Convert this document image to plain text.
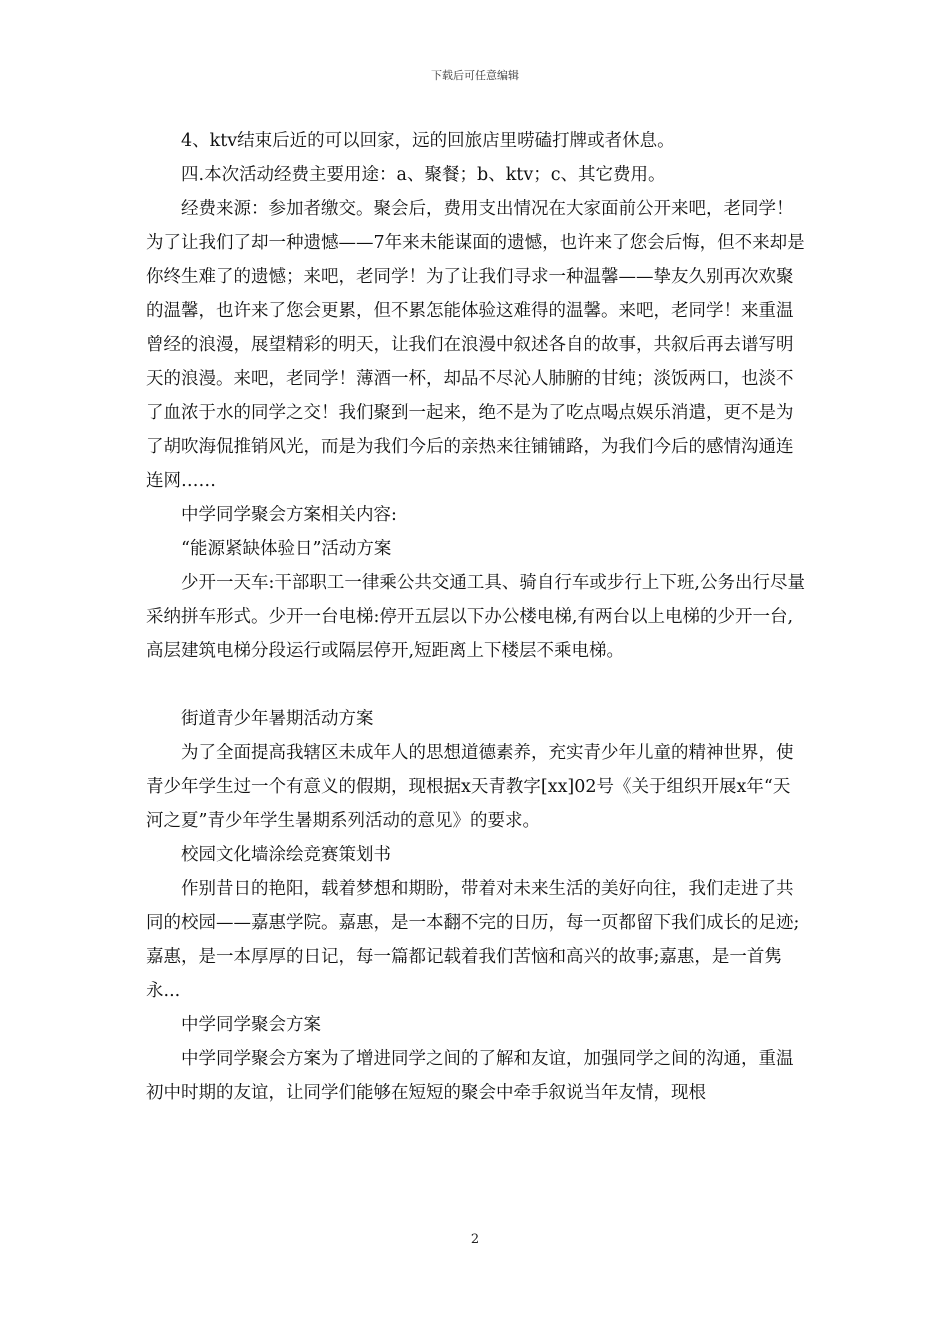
下载后可任意编辑

4、ktv结束后近的可以回家，远的回旅店里唠磕打牌或者休息。

四.本次活动经费主要用途：a、聚餐；b、ktv；c、其它费用。

经费来源：参加者缴交。聚会后，费用支出情况在大家面前公开来吧，老同学！为了让我们了却一种遗憾——7年来未能谋面的遗憾，也许来了您会后悔，但不来却是你终生难了的遗憾；来吧，老同学！为了让我们寻求一种温馨——挚友久别再次欢聚的温馨，也许来了您会更累，但不累怎能体验这难得的温馨。来吧，老同学！来重温曾经的浪漫，展望精彩的明天，让我们在浪漫中叙述各自的故事，共叙后再去谱写明天的浪漫。来吧，老同学！薄酒一杯，却品不尽沁人肺腑的甘纯；淡饭两口，也淡不了血浓于水的同学之交！我们聚到一起来，绝不是为了吃点喝点娱乐消遣，更不是为了胡吹海侃推销风光，而是为我们今后的亲热来往铺铺路，为我们今后的感情沟通连连网……

中学同学聚会方案相关内容:

“能源紧缺体验日”活动方案

少开一天车:干部职工一律乘公共交通工具、骑自行车或步行上下班,公务出行尽量采纳拼车形式。少开一台电梯:停开五层以下办公楼电梯,有两台以上电梯的少开一台,高层建筑电梯分段运行或隔层停开,短距离上下楼层不乘电梯。

街道青少年暑期活动方案

为了全面提高我辖区未成年人的思想道德素养，充实青少年儿童的精神世界，使青少年学生过一个有意义的假期，现根据x天青教字[xx]02号《关于组织开展x年“天河之夏”青少年学生暑期系列活动的意见》的要求。

校园文化墙涂绘竞赛策划书

作别昔日的艳阳，载着梦想和期盼，带着对未来生活的美好向往，我们走进了共同的校园——嘉惠学院。嘉惠，是一本翻不完的日历，每一页都留下我们成长的足迹;嘉惠，是一本厚厚的日记，每一篇都记载着我们苦恼和高兴的故事;嘉惠，是一首隽永...

中学同学聚会方案

中学同学聚会方案为了增进同学之间的了解和友谊，加强同学之间的沟通，重温初中时期的友谊，让同学们能够在短短的聚会中牵手叙说当年友情，现根

2
